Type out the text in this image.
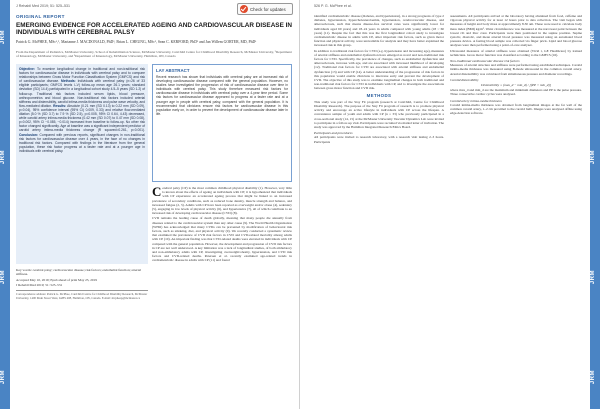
JRM
JRM
JRM
JRM
J Rehabil Med 2019; 51: 525–531
Check for updates
ORIGINAL REPORT
EMERGING EVIDENCE FOR ACCELERATED AGEING AND CARDIOVASCULAR DISEASE IN INDIVIDUALS WITH CEREBRAL PALSY
Patrick G. McPHEE, MSc¹,², Marianne J. MACDONALD, PhD³, Brian L. CHEUNG, MSc³, Sean C. KERFORD, PhD³ and Jan Willem GORTER, MD, PhD¹
From the Department of Pediatrics, McMaster University, School of Rehabilitation Science, McMaster University, CanChild Centre for Childhood Disability Research, McMaster University, ²Department of Kinesiology, McMaster University, and ³Department of Kinesiology, McMaster University, Hamilton, ON, Canada

Objective: To examine longitudinal change in traditional and non-traditional risk factors for cardiovascular disease in individuals with cerebral palsy and to compare relationships between Gross Motor Function Classification System (GMFCS) and risk of cardiovascular disease. Methods: Individuals with cerebral palsy (n=26 of 33 eligible participants; GMFCS levels I–V) follow-up mean age 26.1 years; standard deviation (SD) 14.4) participated in a longitudinal cohort study 4.5–5 years (SD 1.2) of follow-up. Traditional risk factors included serum lipids, blood pressure, anthropometrics and blood glucose. Non-traditional risk factors included arterial stiffness and distensibility, carotid intima-media thickness and pulse wave velocity, and flow-mediated dilation. Results: Absolute (0.21 mm (SD 0.13) to 0.22 mm (SD 0.09), p=0.04), 95% confidence interval (95% CI) 0.009, 0.33) and relative flow-mediated dilation (5.0 % (SD 3.7) to 7.9 % (SD 2.5), p=0.005, 95% CI 0.64, 4.43) decreased, while carotid artery intima-media thickness (0.42 mm (SD 0.07) to 0.47 mm (SD 0.08), p=0.002, 95% CI −0.085, −0.014) increased from baseline to follow-up. No other risk factor changed significantly. Age at baseline was a significant independent predictor of carotid artery intima-media thickness change (R squared=0.261, p=0.001). Conclusion: Compared with previous reports, significant changes in non-traditional risk factors for cardiovascular disease over 4 years, in the face of no changes in traditional risk factors. Compared with findings in the literature from the general population, these risk factor progress at a faster rate and at a younger age in individuals with cerebral palsy.

LAY ABSTRACT

Recent research has shown that individuals with cerebral palsy are at increased risk of developing cardiovascular disease compared with the general population. However, no studies have investigated the progression of risk of cardiovascular disease over time in individuals with cerebral palsy. This study therefore measured risk factors for cardiovascular disease in individuals with cerebral palsy over a 4-year time period. Some risk factors for cardiovascular disease appeared to progress at a faster rate and at a younger age in people with cerebral palsy, compared with the general population. It is recommended that clinicians ensure risk factors for cardiovascular disease in this population early on, in order to prevent the development of cardiovascular disease later in life.

C erebral palsy (CP) is the most common childhood physical disability (1). However, very little is known about the effects of ageing on individuals with CP; it is hypothesized that individuals with CP experience an accelerated ageing process that might be linked to an increased prevalence of secondary conditions, such as reduced bone density, muscle strength and balance, and increased fatigue (2, 3). Adults with CP have been reported as overweight and/or obese (4), sedentary (5), engaging in low levels of physical activity (6), and hypertensive (7), all of which contribute to an increased risk of developing cardiovascular disease (CVD) (8).

CVD remains the leading cause of death globally, meaning that many people die annually from diseases related to the cardiovascular system than any other cause (9). The World Health Organization (WHO) has acknowledged that many CVDs can be prevented by modification of behavioural risk factors, such as smoking, diet, and physical activity (9). We recently conducted a systematic review that examined the prevalence of CVD risk factors in CVD and CVD-related mortality among adults with CP (10). An important finding was that CVD-related deaths were elevated in individuals with CP compared with the general population. However, the development and progression of CVD risk factors in CP are not well understood. A key limitation was a lack of longitudinal studies, of both ambulatory and non-ambulatory adults with CP, investigating overweight/obesity, hypertension, and CVD risk factors and CVD-related deaths. Petersen et al. recently examined age-related trends in cardiometabolic disease in adults with CP (11) and found

Key words: cerebral palsy; cardiovascular disease; risk factors; endothelial function; arterial stiffness.
Accepted May 10, 2019; Epub ahead of print May 23, 2019
J Rehabil Med 2019; 51: 525–531
Correspondence address: Patrick G. McPhee, CanChild Centre for Childhood Disability Research, McMaster University, 1400 Main Street West, IAHS 408, Hamilton, ON, Canada. E-mail: mcpheep@mcmaster.ca
JRM
JRM
JRM
JRM
526 P. G. McPhee et al.

identified cardiometabolic disease (diabetes, and hypertension), in a strong prognosis of type 2 diabetes, hypertension, hypercholesterolaemia, hypertension, cerebrovascular disease, and atherosclerosis, such that means disease-free survival rates were significantly lower for individuals aged 60 years) and 18–24 years in adults compared with young adults (18 ~ 60 years) (11). Despite the fact that this was the first longitudinal cohort study to investigate cardiometabolic disease in adults with CP, other important risk factors, such as given motor function and physical activity, were unavailable for analysis and may have better explained the increased risk in this group.

In addition to traditional risk factors for CVD (e.g. hypertension and increasing age), measures of arterial stiffness and endothelial dysfunction have emerged as novel and non-traditional risk factors for CVD. Specifically, the prevalence of changes, such as endothelial dysfunction and atherosclerosis, increase with age, and are associated with increased likelihood of developing (12). Traditional risk factors for CVD are associated with arterial stiffness and endothelial dysfunction (13) and with CP (14). A better understanding of the progression of risk factors in this population would enable clinicians to intervene early and prevent the development of CVD. The objective of this study was to examine longitudinal changes in both traditional and non-traditional risk factors for CVD in individuals with CP, and to investigate the associations between gross motor function and CVD risk.

METHODS

This study was part of the Stay Fit program (research at CanChild, Centre for Childhood Disability Research). The purpose of the Stay Fit program of research is to promote physical activity and encourage an active lifestyle in individuals with CP across the lifespan. A convenience sample of youth and adults with CP (n = 33) who previously participated in a cross-sectional study (14, 15) at the McMaster University Vascular Dynamics Lab were invited to participate in a follow-up visit. Participants were recruited via mailed letter of invitation. The study was approved by the Hamilton Integrated Research Ethics Board.

Participants and procedures

All participants were invited to research laboratory, with a research visit lasting 2–3 hours. Participants

assessments. All participants arrived at the laboratory having abstained from food, caffeine and vigorous physical activity for at least 12 hours prior to data collection. The visit began with measures of height and body mass at approximately 8.30 am. These were used to calculate body mass index (BMI) kg/m². Waist circumference was measured at the narrowest point between the lowest rib and iliac crest. Participants were then positioned in the supine position. Supine systolic, diastolic, and mean arterial blood pressure was measured using an automated blood pressure device. A fasting blood sample was collected via finger prick. Lipid and blood glucose analyses were then performed using a point-of-care analyser.

Ultrasound measures of arterial stiffness were obtained (Vivid i, GE Healthcare) by trained technicians. Gross motor function was classified according to the GMFCS (16).

Non-traditional cardiovascular disease risk factors

Measures of arterial structure and stiffness were performed using established techniques. Carotid intima-media thickness was measured using B-mode ultrasound in the common carotid artery. Arterial distensibility was calculated from simultaneous pressure and diameter recordings.

Carotid distensibility
Distensibility = (max_d − min_d) / [(PP × min_d)]

where max_d and min_d are the maximum and minimum diameters and PP is the pulse pressure. Three consecutive cardiac cycles were analysed.

Carotid artery intima-media thickness

Carotid intima-media thickness was obtained from longitudinal images at the far wall of the common carotid artery, 1–2 cm proximal to the carotid bulb. Images were analysed offline using edge-detection software.
